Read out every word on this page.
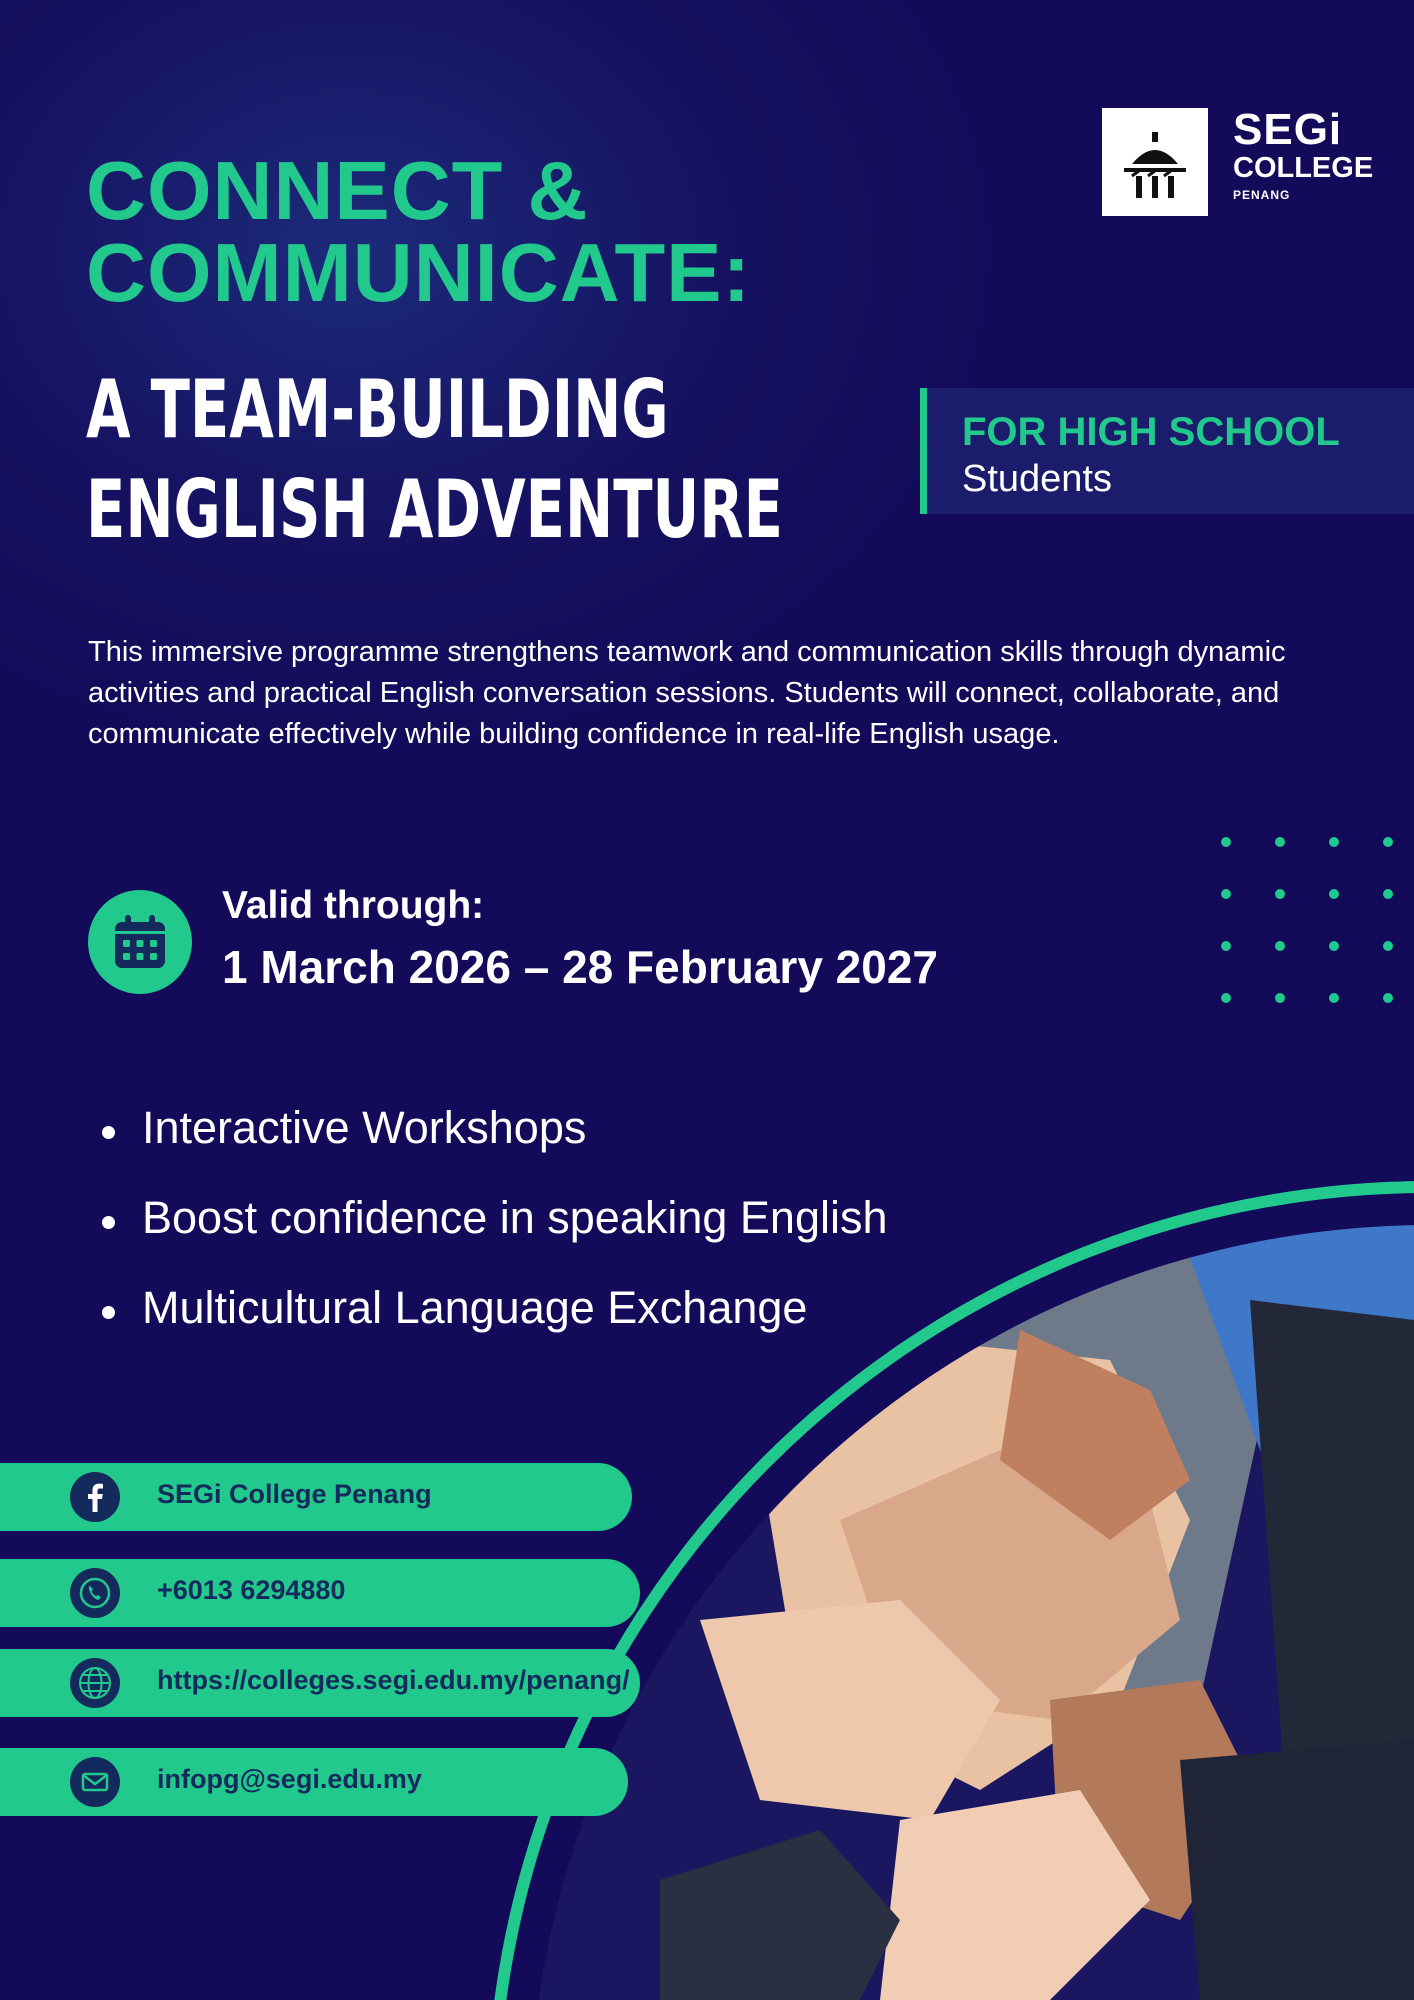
SEGi
COLLEGE
PENANG
CONNECT &
COMMUNICATE:
A TEAM-BUILDING
ENGLISH ADVENTURE
FOR HIGH SCHOOL
Students
This immersive programme strengthens teamwork and communication skills through dynamic activities and practical English conversation sessions. Students will connect, collaborate, and communicate effectively while building confidence in real-life English usage.
Valid through:
1 March 2026 – 28 February 2027
Interactive Workshops
Boost confidence in speaking English
Multicultural Language Exchange
SEGi College Penang
+6013 6294880
https://colleges.segi.edu.my/penang/
infopg@segi.edu.my
